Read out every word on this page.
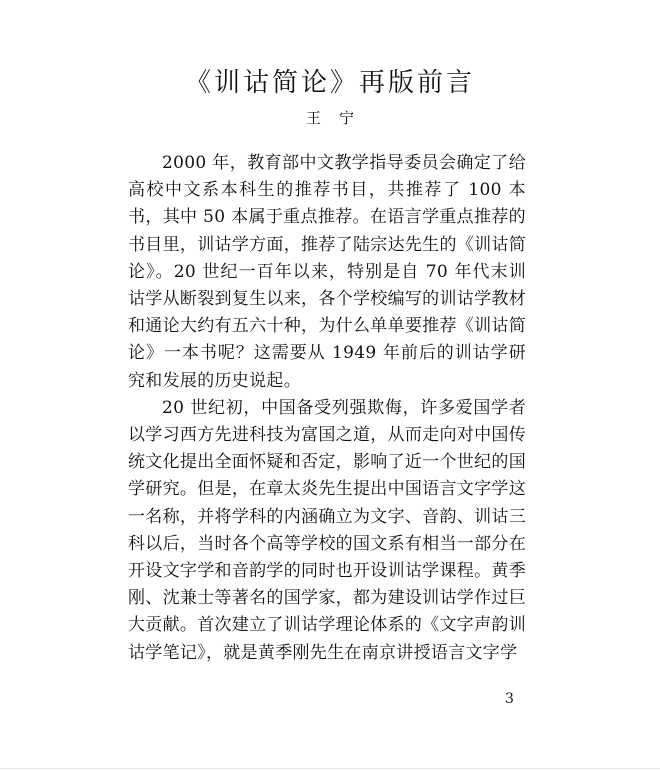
《训诂简论》再版前言
王宁

2000 年，教育部中文教学指导委员会确定了给高校中文系本科生的推荐书目，共推荐了 100 本书，其中 50 本属于重点推荐。在语言学重点推荐的书目里，训诂学方面，推荐了陆宗达先生的《训诂简论》。20 世纪一百年以来，特别是自 70 年代末训诂学从断裂到复生以来，各个学校编写的训诂学教材和通论大约有五六十种，为什么单单要推荐《训诂简论》一本书呢？这需要从 1949 年前后的训诂学研究和发展的历史说起。

20 世纪初，中国备受列强欺侮，许多爱国学者以学习西方先进科技为富国之道，从而走向对中国传统文化提出全面怀疑和否定，影响了近一个世纪的国学研究。但是，在章太炎先生提出中国语言文字学这一名称，并将学科的内涵确立为文字、音韵、训诂三科以后，当时各个高等学校的国文系有相当一部分在开设文字学和音韵学的同时也开设训诂学课程。黄季刚、沈兼士等著名的国学家，都为建设训诂学作过巨大贡献。首次建立了训诂学理论体系的《文字声韵训诂学笔记》，就是黄季刚先生在南京讲授语言文字学

3
